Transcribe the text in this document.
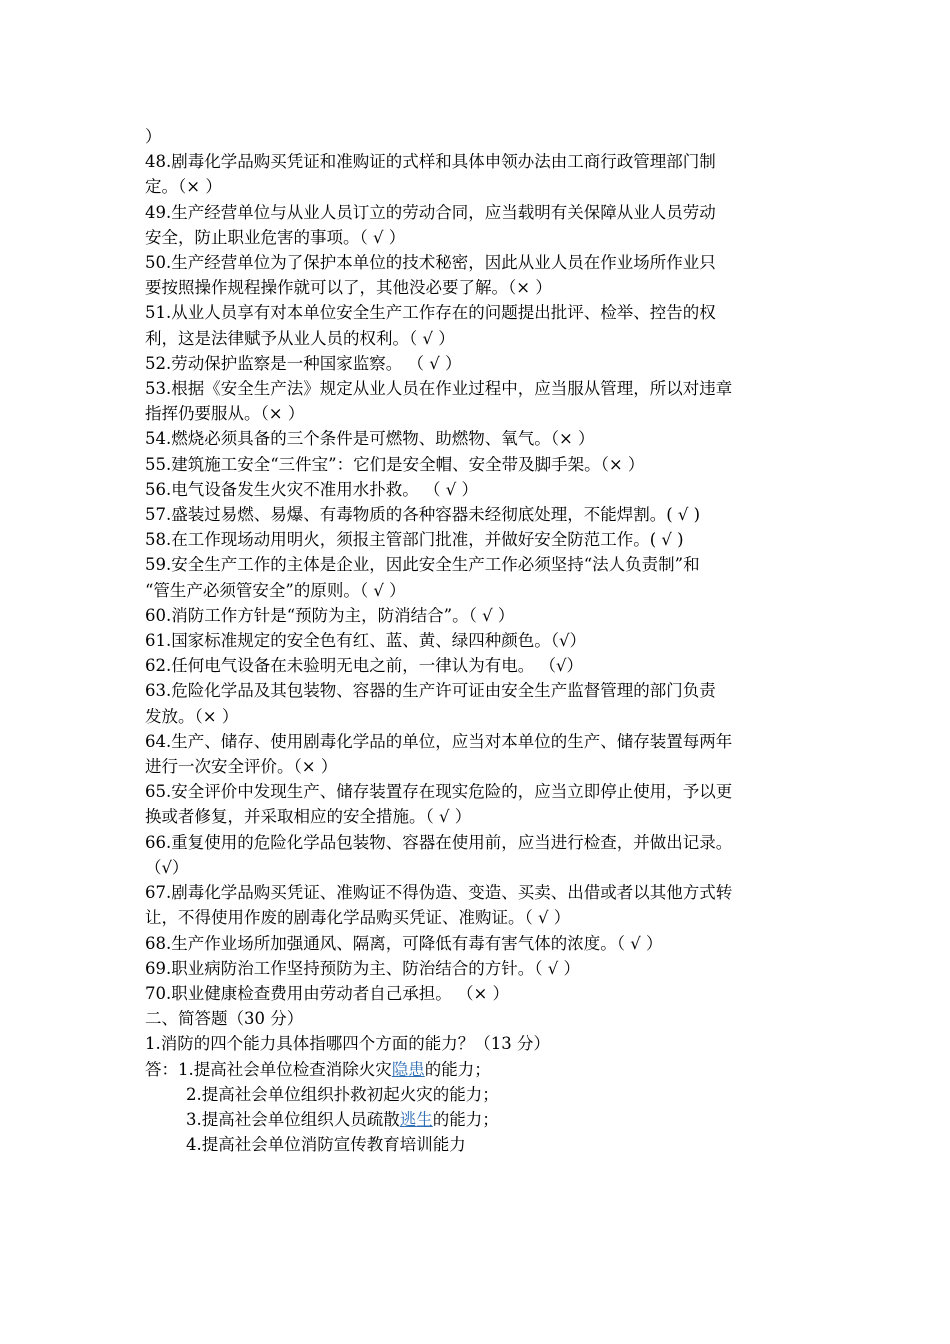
）
48.剧毒化学品购买凭证和准购证的式样和具体申领办法由工商行政管理部门制
定。（× ）
49.生产经营单位与从业人员订立的劳动合同，应当载明有关保障从业人员劳动
安全，防止职业危害的事项。（ √ ）
50.生产经营单位为了保护本单位的技术秘密，因此从业人员在作业场所作业只
要按照操作规程操作就可以了，其他没必要了解。（× ）
51.从业人员享有对本单位安全生产工作存在的问题提出批评、检举、控告的权
利，这是法律赋予从业人员的权利。（ √ ）
52.劳动保护监察是一种国家监察。 （ √ ）
53.根据《安全生产法》规定从业人员在作业过程中，应当服从管理，所以对违章
指挥仍要服从。（× ）
54.燃烧必须具备的三个条件是可燃物、助燃物、氧气。（× ）
55.建筑施工安全“三件宝”：它们是安全帽、安全带及脚手架。（× ）
56.电气设备发生火灾不准用水扑救。 （ √ ）
57.盛装过易燃、易爆、有毒物质的各种容器未经彻底处理，不能焊割。( √ )
58.在工作现场动用明火，须报主管部门批准，并做好安全防范工作。( √ )
59.安全生产工作的主体是企业，因此安全生产工作必须坚持“法人负责制”和
“管生产必须管安全”的原则。（ √ ）
60.消防工作方针是“预防为主，防消结合”。（ √ ）
61.国家标准规定的安全色有红、蓝、黄、绿四种颜色。（√）
62.任何电气设备在未验明无电之前，一律认为有电。 （√）
63.危险化学品及其包装物、容器的生产许可证由安全生产监督管理的部门负责
发放。（× ）
64.生产、储存、使用剧毒化学品的单位，应当对本单位的生产、储存装置每两年
进行一次安全评价。（× ）
65.安全评价中发现生产、储存装置存在现实危险的，应当立即停止使用，予以更
换或者修复，并采取相应的安全措施。（ √ ）
66.重复使用的危险化学品包装物、容器在使用前，应当进行检查，并做出记录。
（√）
67.剧毒化学品购买凭证、准购证不得伪造、变造、买卖、出借或者以其他方式转
让，不得使用作废的剧毒化学品购买凭证、准购证。（ √ ）
68.生产作业场所加强通风、隔离，可降低有毒有害气体的浓度。（ √ ）
69.职业病防治工作坚持预防为主、防治结合的方针。（ √ ）
70.职业健康检查费用由劳动者自己承担。 （× ）
二、简答题（30 分）
1.消防的四个能力具体指哪四个方面的能力？（13 分）
答：1.提高社会单位检查消除火灾隐患的能力；
2.提高社会单位组织扑救初起火灾的能力；
3.提高社会单位组织人员疏散逃生的能力；
4.提高社会单位消防宣传教育培训能力
